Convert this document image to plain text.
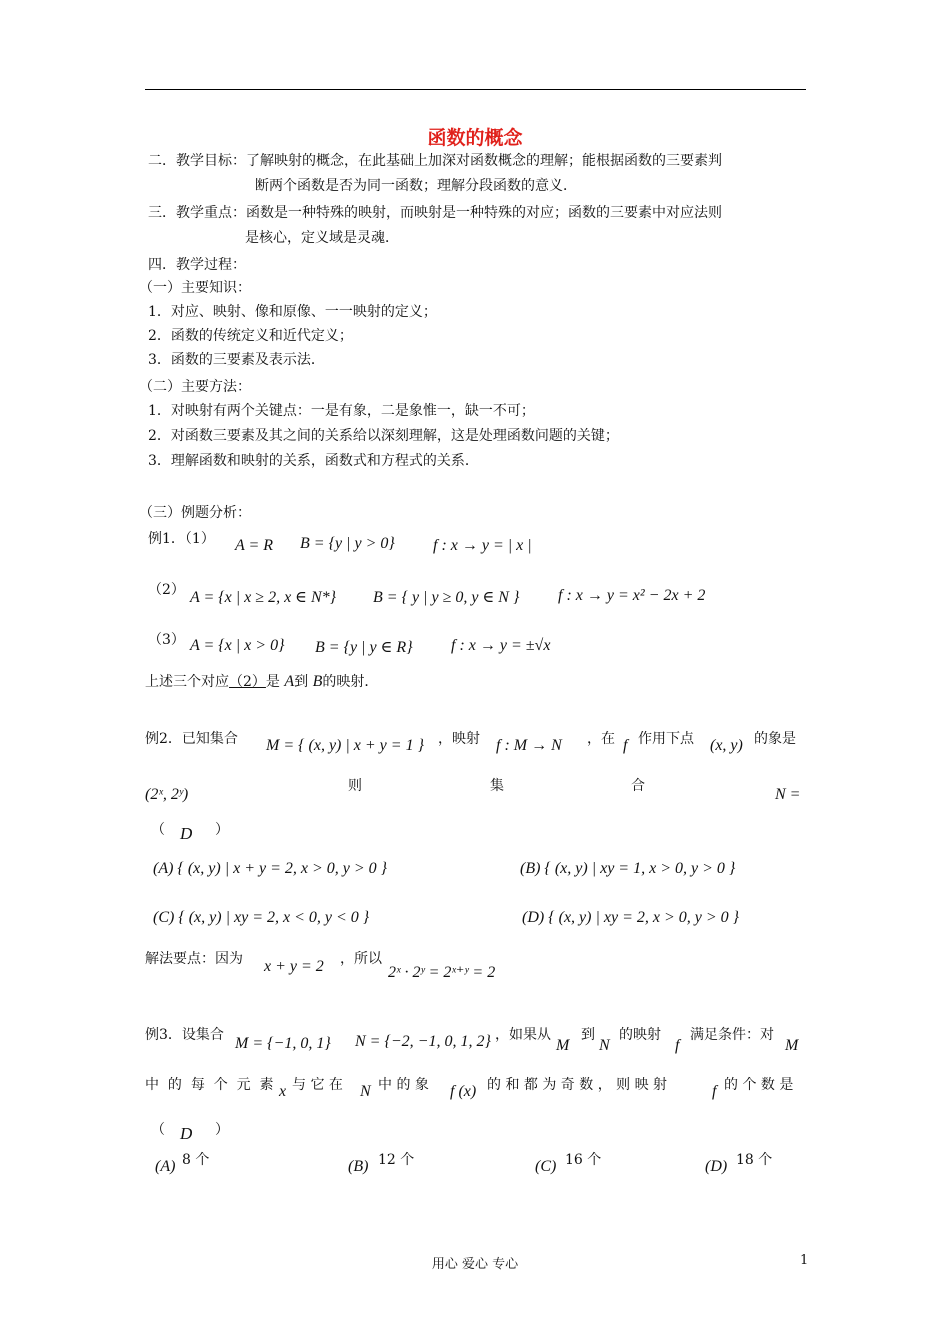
函数的概念
二．教学目标：了解映射的概念，在此基础上加深对函数概念的理解；能根据函数的三要素判
断两个函数是否为同一函数；理解分段函数的意义．
三．教学重点：函数是一种特殊的映射，而映射是一种特殊的对应；函数的三要素中对应法则
是核心，定义域是灵魂．
四．教学过程：
（一）主要知识：
1．对应、映射、像和原像、一一映射的定义；
2．函数的传统定义和近代定义；
3．函数的三要素及表示法．
（二）主要方法：
1．对映射有两个关键点：一是有象，二是象惟一，缺一不可；
2．对函数三要素及其之间的关系给以深刻理解，这是处理函数问题的关键；
3．理解函数和映射的关系，函数式和方程式的关系．
（三）例题分析：
例1．（1） A = R B = {y | y > 0} f : x → y = | x |
（2） A = {x | x ≥ 2, x ∈ N*} B = { y | y ≥ 0, y ∈ N } f : x → y = x² − 2x + 2
（3） A = {x | x > 0} B = {y | y ∈ R} f : x → y = ±√x
上述三个对应（2）是 A到 B的映射．
例2．已知集合 M = { (x, y) | x + y = 1 } ，映射 f : M → N ，在 f 作用下点 (x, y) 的象是
(2ˣ, 2ʸ)	则	集	合	N =
（ D ）
(A) { (x, y) | x + y = 2, x > 0, y > 0 }	(B) { (x, y) | xy = 1, x > 0, y > 0 }
(C) { (x, y) | xy = 2, x < 0, y < 0 }	(D) { (x, y) | xy = 2, x > 0, y > 0 }
解法要点：因为 x + y = 2 ，所以
2ˣ · 2ʸ = 2ˣ⁺ʸ = 2
例3．设集合 M = {−1, 0, 1} N = {−2, −1, 0, 1, 2} ，如果从
M
到
N
的映射
f
满足条件：对
M
中 的 每 个 元 素 x 与 它 在 N 中 的 象 f (x) 的 和 都 为 奇 数 ， 则 映 射	f 的 个 数 是
（ D ）
(A) 8 个	(B) 12 个	(C) 16 个	(D) 18 个
用心 爱心 专心	1
